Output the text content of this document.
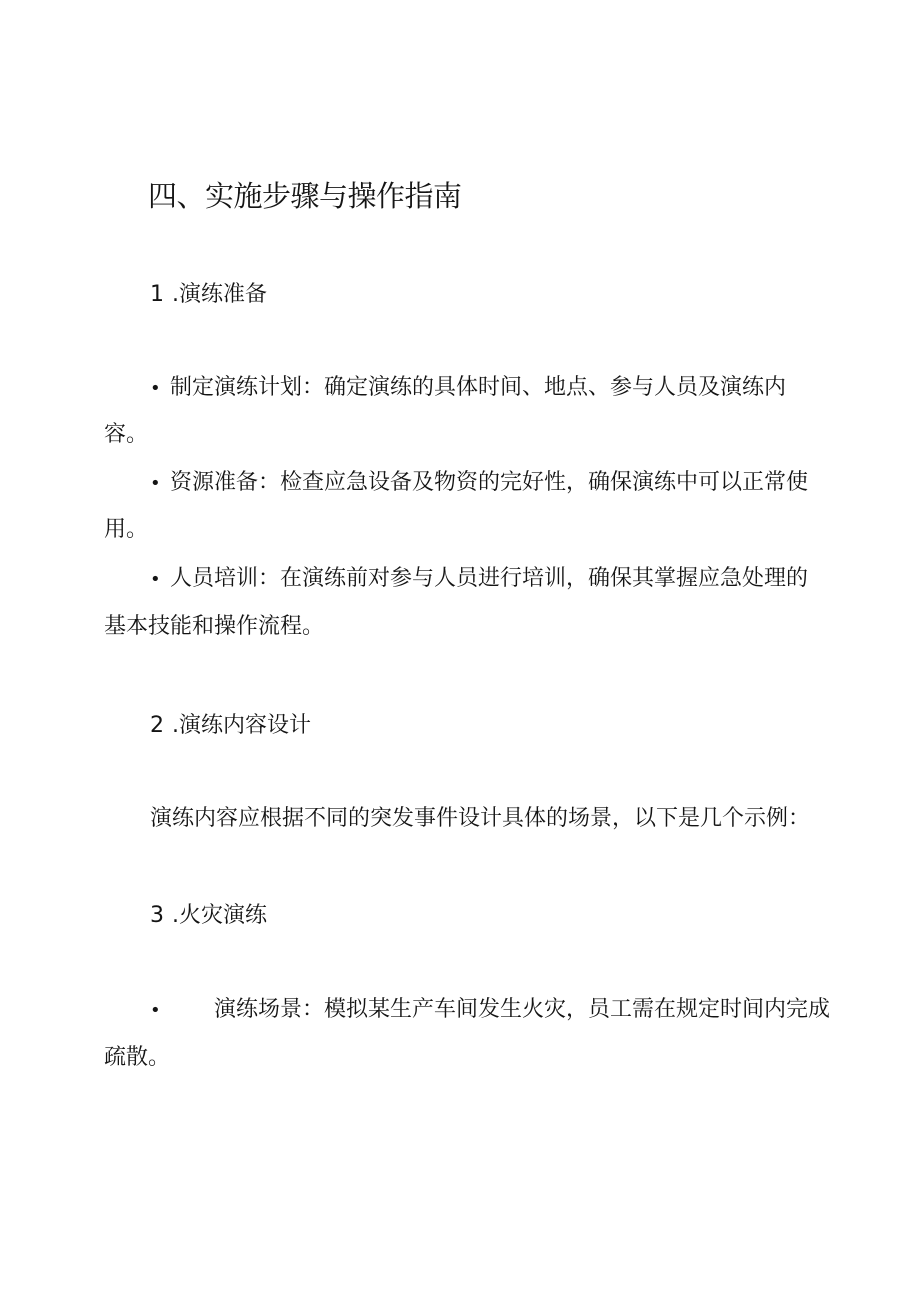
四、实施步骤与操作指南
1 .演练准备
• 制定演练计划：确定演练的具体时间、地点、参与人员及演练内
容。
• 资源准备：检查应急设备及物资的完好性，确保演练中可以正常使
用。
• 人员培训：在演练前对参与人员进行培训，确保其掌握应急处理的
基本技能和操作流程。
2 .演练内容设计
演练内容应根据不同的突发事件设计具体的场景，以下是几个示例：
3 .火灾演练
• 演练场景：模拟某生产车间发生火灾，员工需在规定时间内完成
疏散。
